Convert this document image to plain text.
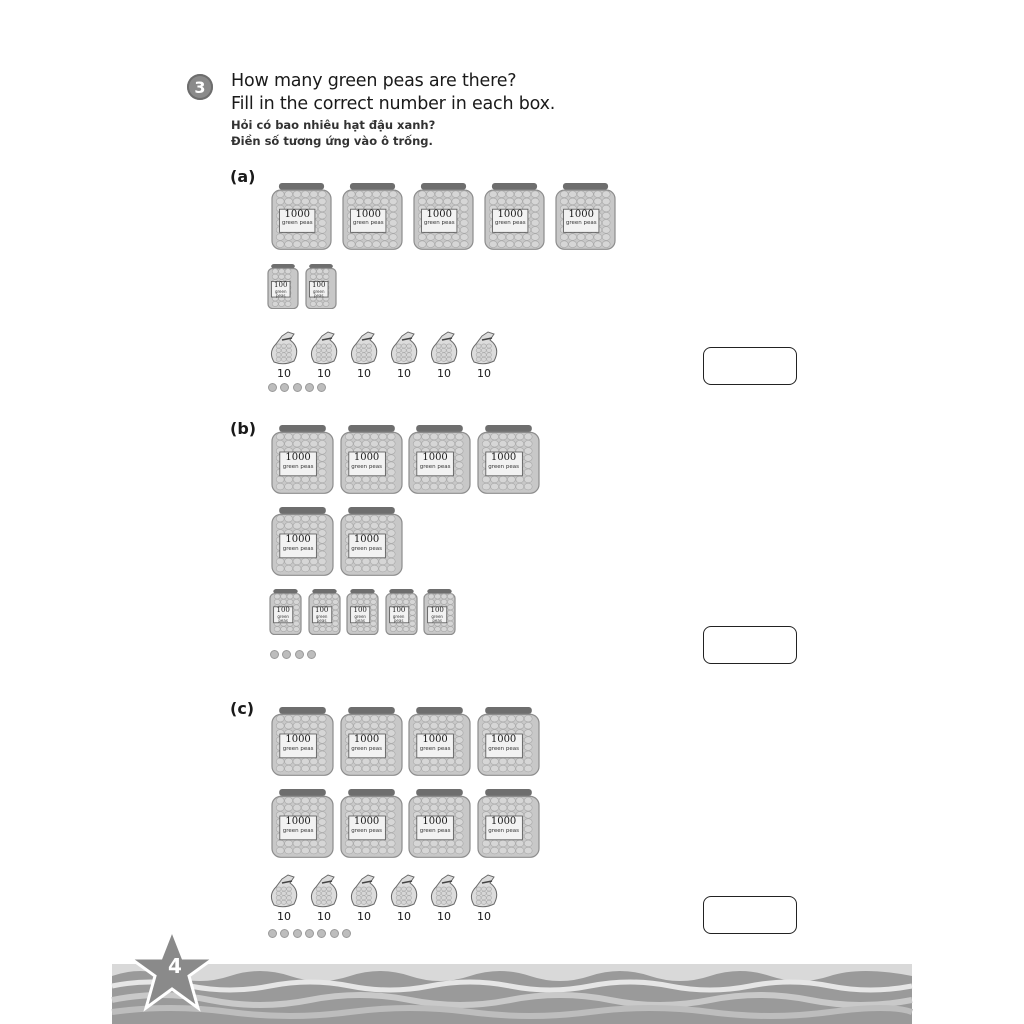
3	How many green peas are there?
Fill in the correct number in each box.
Hỏi có bao nhiêu hạt đậu xanh?
Điền số tương ứng vào ô trống.
(a)
(b)
(c)
1000
green peas
1000
green peas
1000
green peas
1000
green peas
1000
green peas
100
green peas
100
green peas
10	10	10	10	10	10
1000
green peas
1000
green peas
1000
green peas
1000
green peas
1000
green peas
1000
green peas
100
green peas
100
green peas
100
green peas
100
green peas
100
green peas
1000
green peas
1000
green peas
1000
green peas
1000
green peas
1000
green peas
1000
green peas
1000
green peas
1000
green peas
10	10	10	10	10	10
4
